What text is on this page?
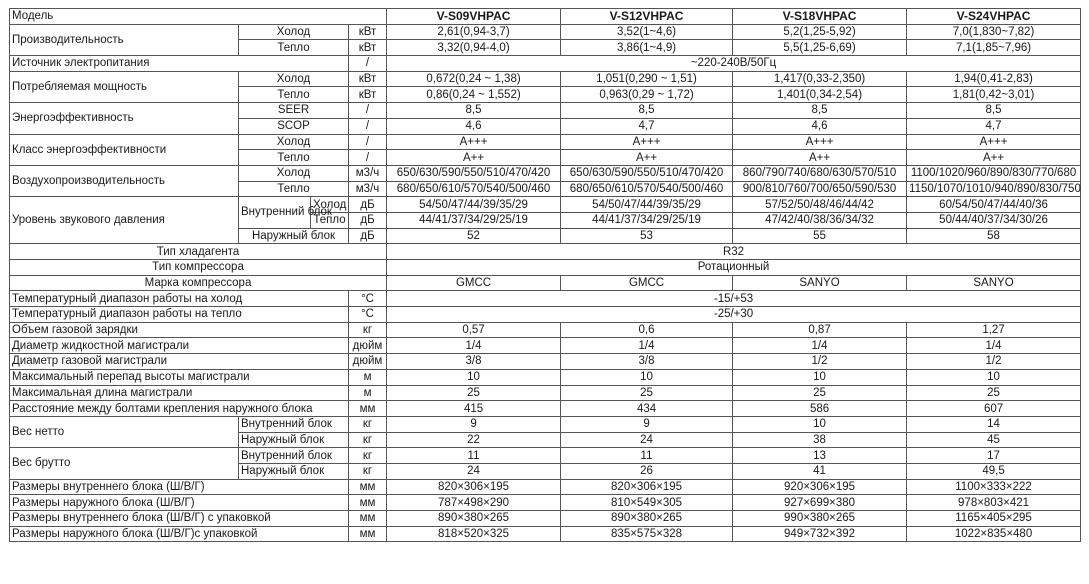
Модель				V-S09VHPAC	V-S12VHPAC	V-S18VHPAC	V-S24VHPAC
Производительность	Холод		кВт	2,61(0,94-3,7)	3,52(1~4,6)	5,2(1,25-5,92)	7,0(1,830~7,82)
	Тепло		кВт	3,32(0,94-4,0)	3,86(1~4,9)	5,5(1,25-6,69)	7,1(1,85~7,96)
Источник электропитания			/	~220-240В/50Гц			
Потребляемая мощность	Холод		кВт	0,672(0,24 ~ 1,38)	1,051(0,290 ~ 1,51)	1,417(0,33-2,350)	1,94(0,41-2,83)
	Тепло		кВт	0,86(0,24 ~ 1,552)	0,963(0,29 ~ 1,72)	1,401(0,34-2,54)	1,81(0,42~3,01)
Энергоэффективность	SEER		/	8,5	8,5	8,5	8,5
	SCOP		/	4,6	4,7	4,6	4,7
Класс энергоэффективности	Холод		/	A+++	A+++	A+++	A+++
	Тепло		/	A++	A++	A++	A++
Воздухопроизводительность	Холод		м3/ч	650/630/590/550/510/470/420	650/630/590/550/510/470/420	860/790/740/680/630/570/510	1100/1020/960/890/830/770/680
	Тепло		м3/ч	680/650/610/570/540/500/460	680/650/610/570/540/500/460	900/810/760/700/650/590/530	1150/1070/1010/940/890/830/750
Уровень звукового давления	Внутренний блок	Холод	дБ	54/50/47/44/39/35/29	54/50/47/44/39/35/29	57/52/50/48/46/44/42	60/54/50/47/44/40/36
		Тепло	дБ	44/41/37/34/29/25/19	44/41/37/34/29/25/19	47/42/40/38/36/34/32	50/44/40/37/34/30/26
	Наружный блок		дБ	52	53	55	58
Тип хладагента				R32			
Тип компрессора				Ротационный			
Марка компрессора				GMCC	GMCC	SANYO	SANYO
Температурный диапазон работы на холод			°C	-15/+53			
Температурный диапазон работы на тепло			°C	-25/+30			
Объем газовой зарядки			кг	0,57	0,6	0,87	1,27
Диаметр жидкостной магистрали			дюйм	1/4	1/4	1/4	1/4
Диаметр газовой магистрали			дюйм	3/8	3/8	1/2	1/2
Максимальный перепад высоты магистрали			м	10	10	10	10
Максимальная длина магистрали			м	25	25	25	25
Расстояние между болтами крепления наружного блока			мм	415	434	586	607
Вес нетто	Внутренний блок		кг	9	9	10	14
	Наружный блок		кг	22	24	38	45
Вес брутто	Внутренний блок		кг	11	11	13	17
	Наружный блок		кг	24	26	41	49,5
Размеры внутреннего блока (Ш/В/Г)			мм	820×306×195	820×306×195	920×306×195	1100×333×222
Размеры наружного блока (Ш/В/Г)			мм	787×498×290	810×549×305	927×699×380	978×803×421
Размеры внутреннего блока (Ш/В/Г) с упаковкой			мм	890×380×265	890×380×265	990×380×265	1165×405×295
Размеры наружного блока (Ш/В/Г)с упаковкой			мм	818×520×325	835×575×328	949×732×392	1022×835×480
